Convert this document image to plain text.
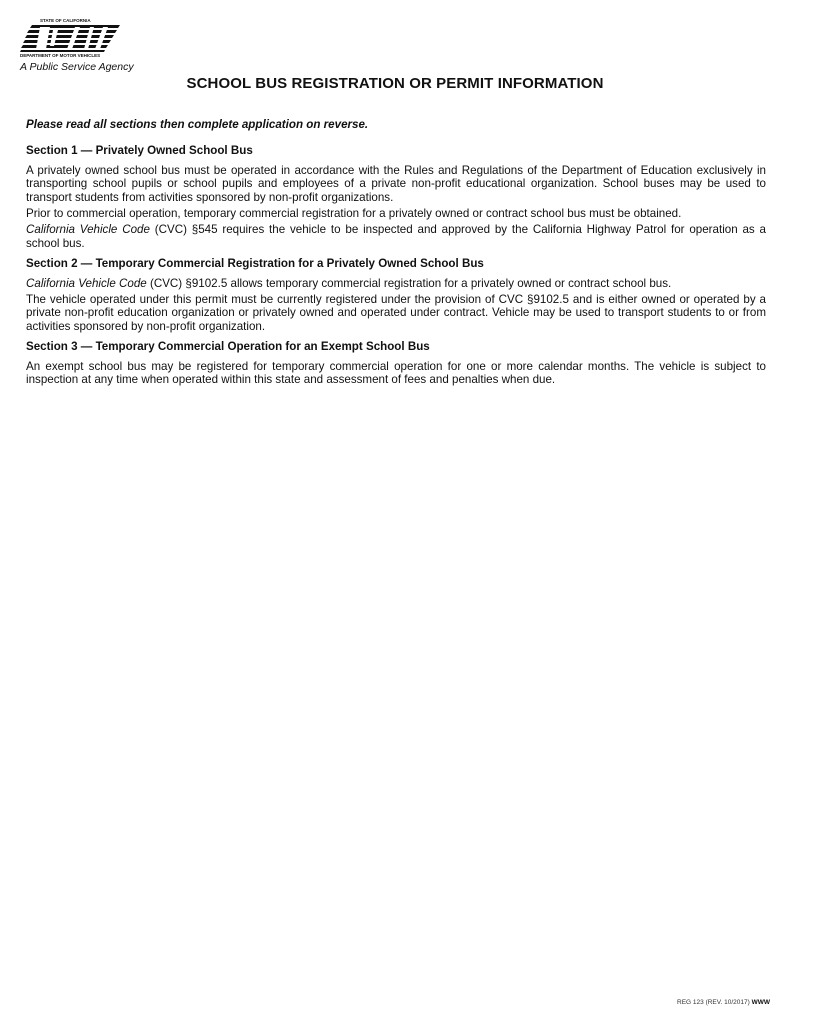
STATE OF CALIFORNIA
DEPARTMENT OF MOTOR VEHICLES
A Public Service Agency
SCHOOL BUS REGISTRATION OR PERMIT INFORMATION
Please read all sections then complete application on reverse.
Section 1 — Privately Owned School Bus

A privately owned school bus must be operated in accordance with the Rules and Regulations of the Department of Education exclusively in transporting school pupils or school pupils and employees of a private non-profit educational organization. School buses may be used to transport students from activities sponsored by non-profit organizations.

Prior to commercial operation, temporary commercial registration for a privately owned or contract school bus must be obtained.

California Vehicle Code (CVC) §545 requires the vehicle to be inspected and approved by the California Highway Patrol for operation as a school bus.

Section 2 — Temporary Commercial Registration for a Privately Owned School Bus

California Vehicle Code (CVC) §9102.5 allows temporary commercial registration for a privately owned or contract school bus.

The vehicle operated under this permit must be currently registered under the provision of CVC §9102.5 and is either owned or operated by a private non-profit education organization or privately owned and operated under contract. Vehicle may be used to transport students to or from activities sponsored by non-profit organization.

Section 3 — Temporary Commercial Operation for an Exempt School Bus

An exempt school bus may be registered for temporary commercial operation for one or more calendar months. The vehicle is subject to inspection at any time when operated within this state and assessment of fees and penalties when due.

REG 123 (REV. 10/2017) WWW
